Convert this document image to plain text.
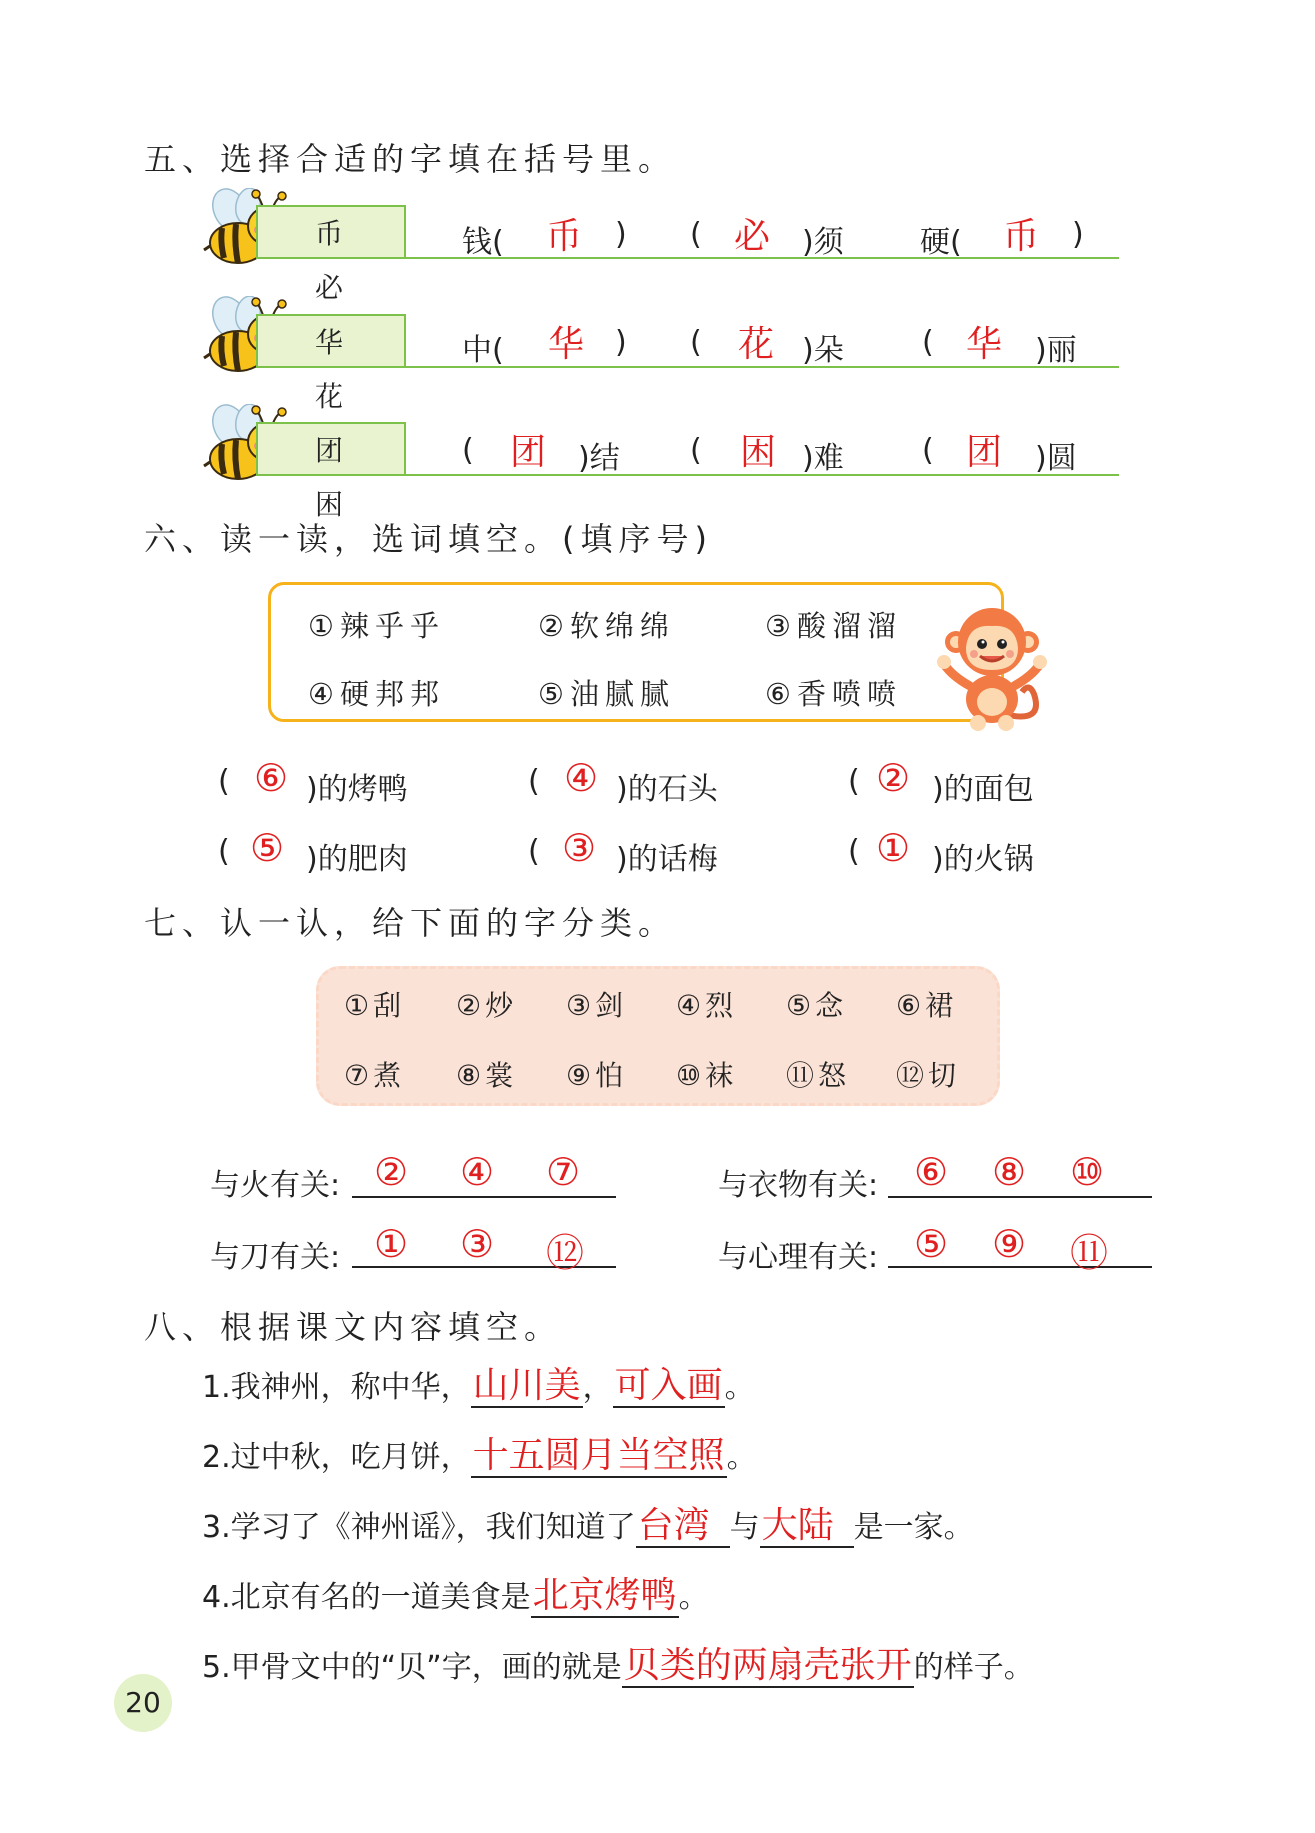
五、选择合适的字填在括号里。
币 必
钱( 币 ) ( 必 )须	硬( 币 )
华 花
中( 华 ) ( 花 )朵	( 华 )丽
团 困
( 团 )结 ( 困 )难	( 团 )圆
六、读一读，选词填空。(填序号)
①辣乎乎	②软绵绵	③酸溜溜
④硬邦邦	⑤油腻腻	⑥香喷喷
( ⑥ )的烤鸭	( ④ )的石头	( ② )的面包
( ⑤ )的肥肉	( ③ )的话梅	( ① )的火锅
七、认一认，给下面的字分类。
①刮 ②炒 ③剑 ④烈 ⑤念 ⑥裙
⑦煮 ⑧裳 ⑨怕 ⑩袜 ⑪怒 ⑫切
与火有关: ② ④ ⑦	与衣物有关: ⑥ ⑧ ⑩
与刀有关: ① ③ ⑫	与心理有关: ⑤ ⑨ ⑪
八、根据课文内容填空。
1.我神州，称中华，山川美，可入画。
2.过中秋，吃月饼，十五圆月当空照。
3.学习了《神州谣》，我们知道了台湾 与大陆 是一家。
4.北京有名的一道美食是北京烤鸭。
5.甲骨文中的“贝”字，画的就是贝类的两扇壳张开的样子。
20
